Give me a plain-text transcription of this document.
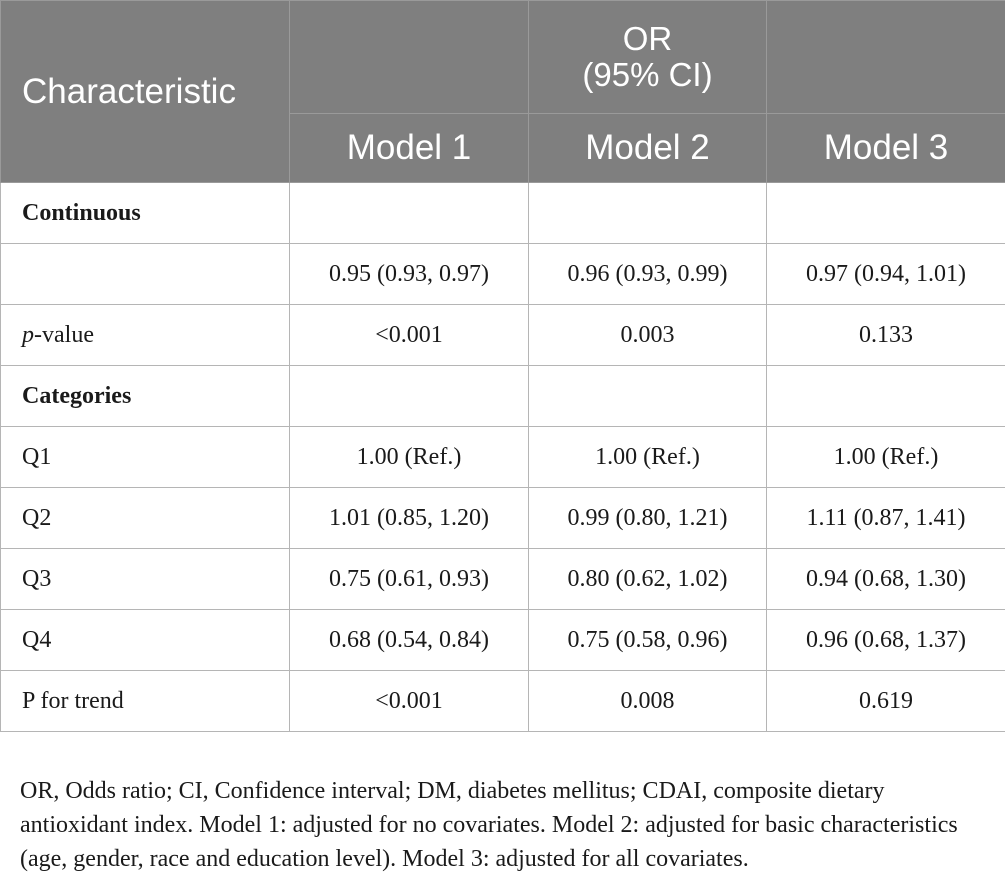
Characteristic		OR
(95% CI)	

	Model 1	Model 2	Model 3
Continuous			
	0.95 (0.93, 0.97)	0.96 (0.93, 0.99)	0.97 (0.94, 1.01)
p-value	<0.001	0.003	0.133
Categories			
Q1	1.00 (Ref.)	1.00 (Ref.)	1.00 (Ref.)
Q2	1.01 (0.85, 1.20)	0.99 (0.80, 1.21)	1.11 (0.87, 1.41)
Q3	0.75 (0.61, 0.93)	0.80 (0.62, 1.02)	0.94 (0.68, 1.30)
Q4	0.68 (0.54, 0.84)	0.75 (0.58, 0.96)	0.96 (0.68, 1.37)
P for trend	<0.001	0.008	0.619

OR, Odds ratio; CI, Confidence interval; DM, diabetes mellitus; CDAI, composite dietary antioxidant index. Model 1: adjusted for no covariates. Model 2: adjusted for basic characteristics (age, gender, race and education level). Model 3: adjusted for all covariates.
